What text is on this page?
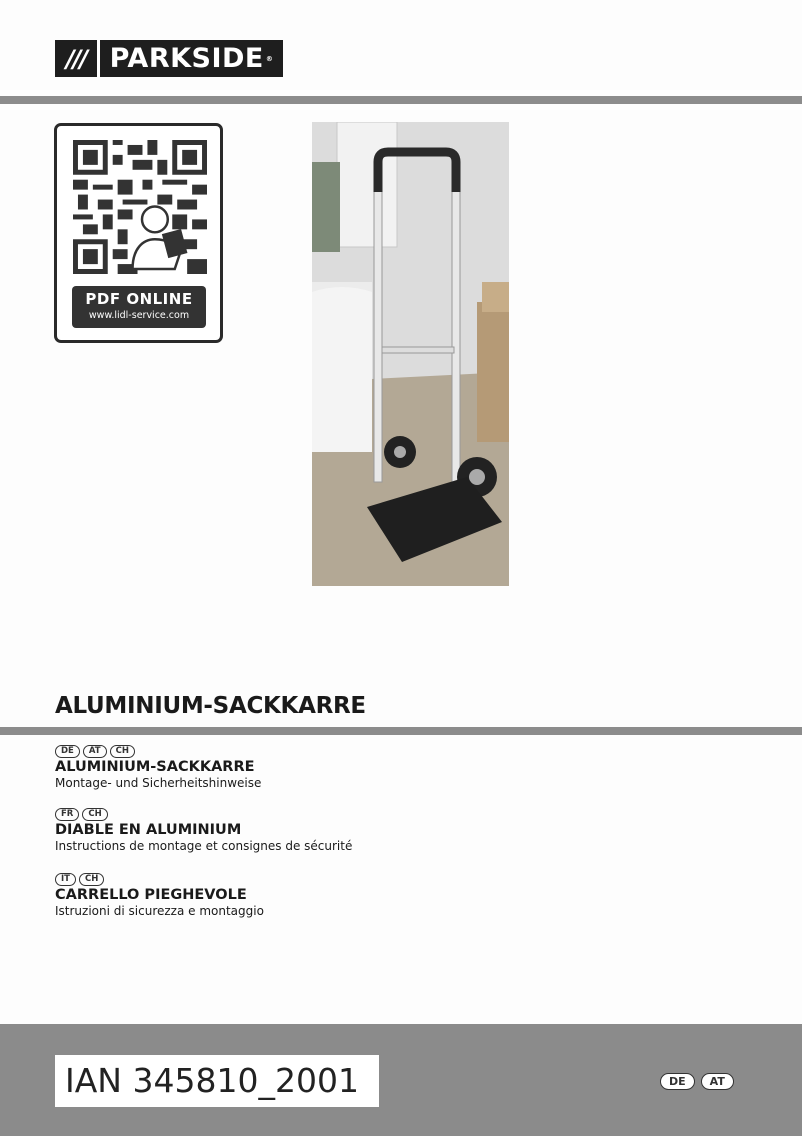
/// PARKSIDE ®
PDF ONLINE
www.lidl-service.com
ALUMINIUM-SACKKARRE
DE	AT	CH
ALUMINIUM-SACKKARRE
Montage- und Sicherheitshinweise
FR	CH
DIABLE EN ALUMINIUM
Instructions de montage et consignes de sécurité
IT	CH
CARRELLO PIEGHEVOLE
Istruzioni di sicurezza e montaggio
IAN 345810_2001	DE	AT
